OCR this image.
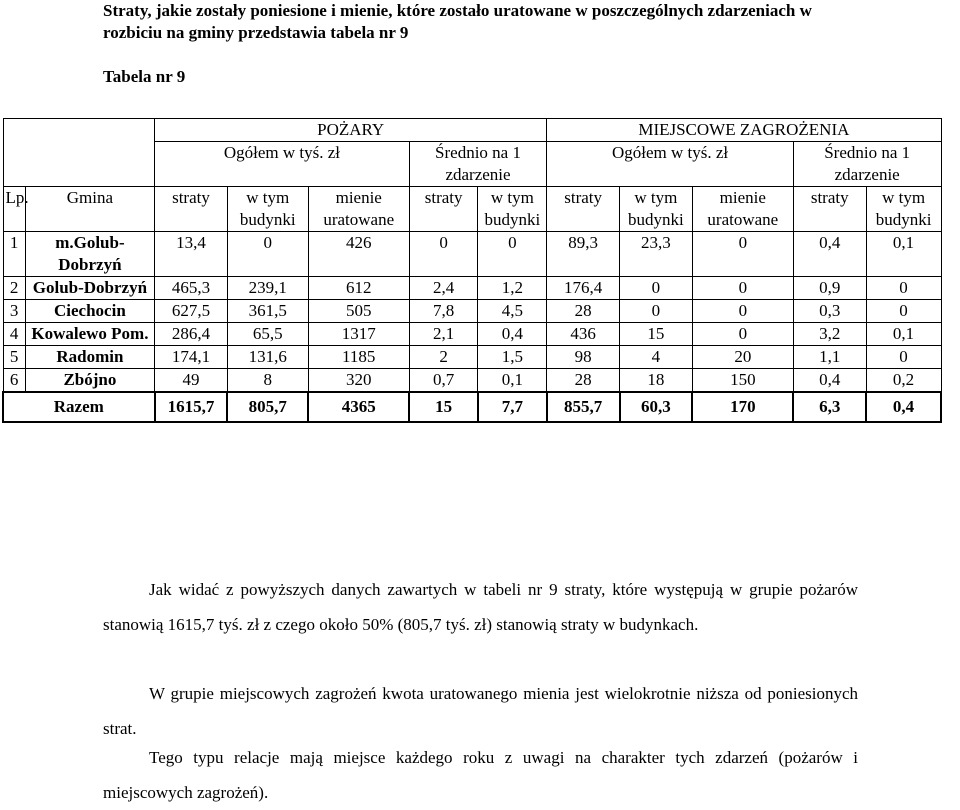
Straty, jakie zostały poniesione i mienie, które zostało uratowane w poszczególnych zdarzeniach w rozbiciu na gminy przedstawia tabela nr 9

Tabela nr 9

		POŻARY					MIEJSCOWE ZAGROŻENIA				
		Ogółem w tyś. zł			Średnio na 1 zdarzenie		Ogółem w tyś. zł			Średnio na 1 zdarzenie	
Lp.	Gmina	straty	w tym budynki	mienie uratowane	straty	w tym budynki	straty	w tym budynki	mienie uratowane	straty	w tym budynki
1	m.Golub-Dobrzyń	13,4	0	426	0	0	89,3	23,3	0	0,4	0,1
2	Golub-Dobrzyń	465,3	239,1	612	2,4	1,2	176,4	0	0	0,9	0
3	Ciechocin	627,5	361,5	505	7,8	4,5	28	0	0	0,3	0
4	Kowalewo Pom.	286,4	65,5	1317	2,1	0,4	436	15	0	3,2	0,1
5	Radomin	174,1	131,6	1185	2	1,5	98	4	20	1,1	0
6	Zbójno	49	8	320	0,7	0,1	28	18	150	0,4	0,2
Razem		1615,7	805,7	4365	15	7,7	855,7	60,3	170	6,3	0,4

Jak widać z powyższych danych zawartych w tabeli nr 9 straty, które występują w grupie pożarów stanowią 1615,7 tyś. zł z czego około 50% (805,7 tyś. zł) stanowią straty w budynkach.

W grupie miejscowych zagrożeń kwota uratowanego mienia jest wielokrotnie niższa od poniesionych strat.

Tego typu relacje mają miejsce każdego roku z uwagi na charakter tych zdarzeń (pożarów i miejscowych zagrożeń).
